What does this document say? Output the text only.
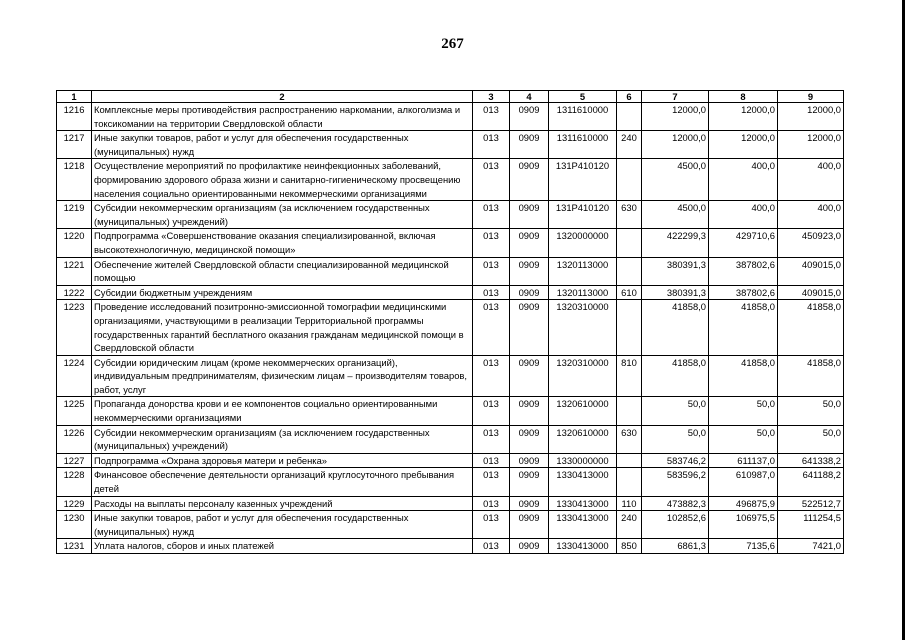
267
1	2	3	4	5	6	7	8	9
1216	Комплексные меры противодействия распространению наркомании, алкоголизма и токсикомании на территории Свердловской области	013	0909	1311610000		12000,0	12000,0	12000,0
1217	Иные закупки товаров, работ и услуг для обеспечения государственных (муниципальных) нужд	013	0909	1311610000	240	12000,0	12000,0	12000,0
1218	Осуществление мероприятий по профилактике неинфекционных заболеваний, формированию здорового образа жизни и санитарно-гигиеническому просвещению населения социально ориентированными некоммерческими организациями	013	0909	131P410120		4500,0	400,0	400,0
1219	Субсидии некоммерческим организациям (за исключением государственных (муниципальных) учреждений)	013	0909	131P410120	630	4500,0	400,0	400,0
1220	Подпрограмма «Совершенствование оказания специализированной, включая высокотехнологичную, медицинской помощи»	013	0909	1320000000		422299,3	429710,6	450923,0
1221	Обеспечение жителей Свердловской области специализированной медицинской помощью	013	0909	1320113000		380391,3	387802,6	409015,0
1222	Субсидии бюджетным учреждениям	013	0909	1320113000	610	380391,3	387802,6	409015,0
1223	Проведение исследований позитронно-эмиссионной томографии медицинскими организациями, участвующими в реализации Территориальной программы государственных гарантий бесплатного оказания гражданам медицинской помощи в Свердловской области	013	0909	1320310000		41858,0	41858,0	41858,0
1224	Субсидии юридическим лицам (кроме некоммерческих организаций), индивидуальным предпринимателям, физическим лицам – производителям товаров, работ, услуг	013	0909	1320310000	810	41858,0	41858,0	41858,0
1225	Пропаганда донорства крови и ее компонентов социально ориентированными некоммерческими организациями	013	0909	1320610000		50,0	50,0	50,0
1226	Субсидии некоммерческим организациям (за исключением государственных (муниципальных) учреждений)	013	0909	1320610000	630	50,0	50,0	50,0
1227	Подпрограмма «Охрана здоровья матери и ребенка»	013	0909	1330000000		583746,2	611137,0	641338,2
1228	Финансовое обеспечение деятельности организаций круглосуточного пребывания детей	013	0909	1330413000		583596,2	610987,0	641188,2
1229	Расходы на выплаты персоналу казенных учреждений	013	0909	1330413000	110	473882,3	496875,9	522512,7
1230	Иные закупки товаров, работ и услуг для обеспечения государственных (муниципальных) нужд	013	0909	1330413000	240	102852,6	106975,5	111254,5
1231	Уплата налогов, сборов и иных платежей	013	0909	1330413000	850	6861,3	7135,6	7421,0
